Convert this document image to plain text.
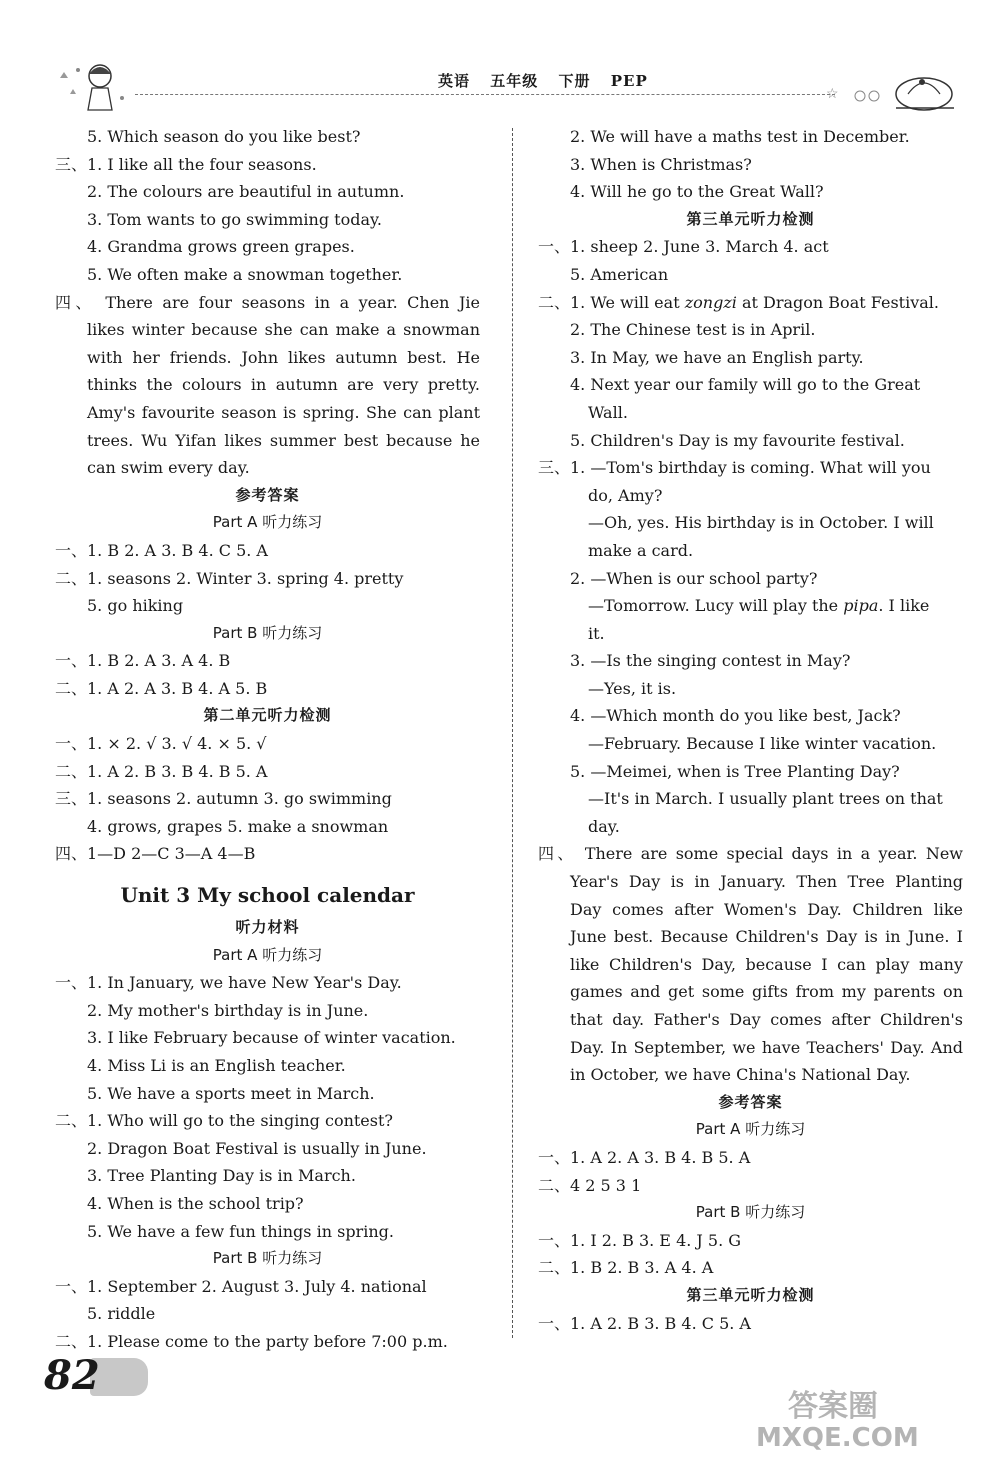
英语 五年级 下册 PEP
☆
5. Which season do you like best?
三、1. I like all the four seasons.
2. The colours are beautiful in autumn.
3. Tom wants to go swimming today.
4. Grandma grows green grapes.
5. We often make a snowman together.
四、 There are four seasons in a year. Chen Jie
likes winter because she can make a snowman
with her friends. John likes autumn best. He
thinks the colours in autumn are very pretty.
Amy's favourite season is spring. She can plant
trees. Wu Yifan likes summer best because he
can swim every day.
参考答案
Part A 听力练习
一、1. B 2. A 3. B 4. C 5. A
二、1. seasons 2. Winter 3. spring 4. pretty
5. go hiking
Part B 听力练习
一、1. B 2. A 3. A 4. B
二、1. A 2. A 3. B 4. A 5. B
第二单元听力检测
一、1. × 2. √ 3. √ 4. × 5. √
二、1. A 2. B 3. B 4. B 5. A
三、1. seasons 2. autumn 3. go swimming
4. grows, grapes 5. make a snowman
四、1—D 2—C 3—A 4—B
Unit 3 My school calendar
听力材料
Part A 听力练习
一、1. In January, we have New Year's Day.
2. My mother's birthday is in June.
3. I like February because of winter vacation.
4. Miss Li is an English teacher.
5. We have a sports meet in March.
二、1. Who will go to the singing contest?
2. Dragon Boat Festival is usually in June.
3. Tree Planting Day is in March.
4. When is the school trip?
5. We have a few fun things in spring.
Part B 听力练习
一、1. September 2. August 3. July 4. national
5. riddle
二、1. Please come to the party before 7:00 p.m.
2. We will have a maths test in December.
3. When is Christmas?
4. Will he go to the Great Wall?
第三单元听力检测
一、1. sheep 2. June 3. March 4. act
5. American
二、1. We will eat zongzi at Dragon Boat Festival.
2. The Chinese test is in April.
3. In May, we have an English party.
4. Next year our family will go to the Great
Wall.
5. Children's Day is my favourite festival.
三、1. —Tom's birthday is coming. What will you
do, Amy?
—Oh, yes. His birthday is in October. I will
make a card.
2. —When is our school party?
—Tomorrow. Lucy will play the pipa. I like
it.
3. —Is the singing contest in May?
—Yes, it is.
4. —Which month do you like best, Jack?
—February. Because I like winter vacation.
5. —Meimei, when is Tree Planting Day?
—It's in March. I usually plant trees on that
day.
四、 There are some special days in a year. New
Year's Day is in January. Then Tree Planting
Day comes after Women's Day. Children like
June best. Because Children's Day is in June. I
like Children's Day, because I can play many
games and get some gifts from my parents on
that day. Father's Day comes after Children's
Day. In September, we have Teachers' Day. And
in October, we have China's National Day.
参考答案
Part A 听力练习
一、1. A 2. A 3. B 4. B 5. A
二、4 2 5 3 1
Part B 听力练习
一、1. I 2. B 3. E 4. J 5. G
二、1. B 2. B 3. A 4. A
第三单元听力检测
一、1. A 2. B 3. B 4. C 5. A
82
答案圈
MXQE.COM
